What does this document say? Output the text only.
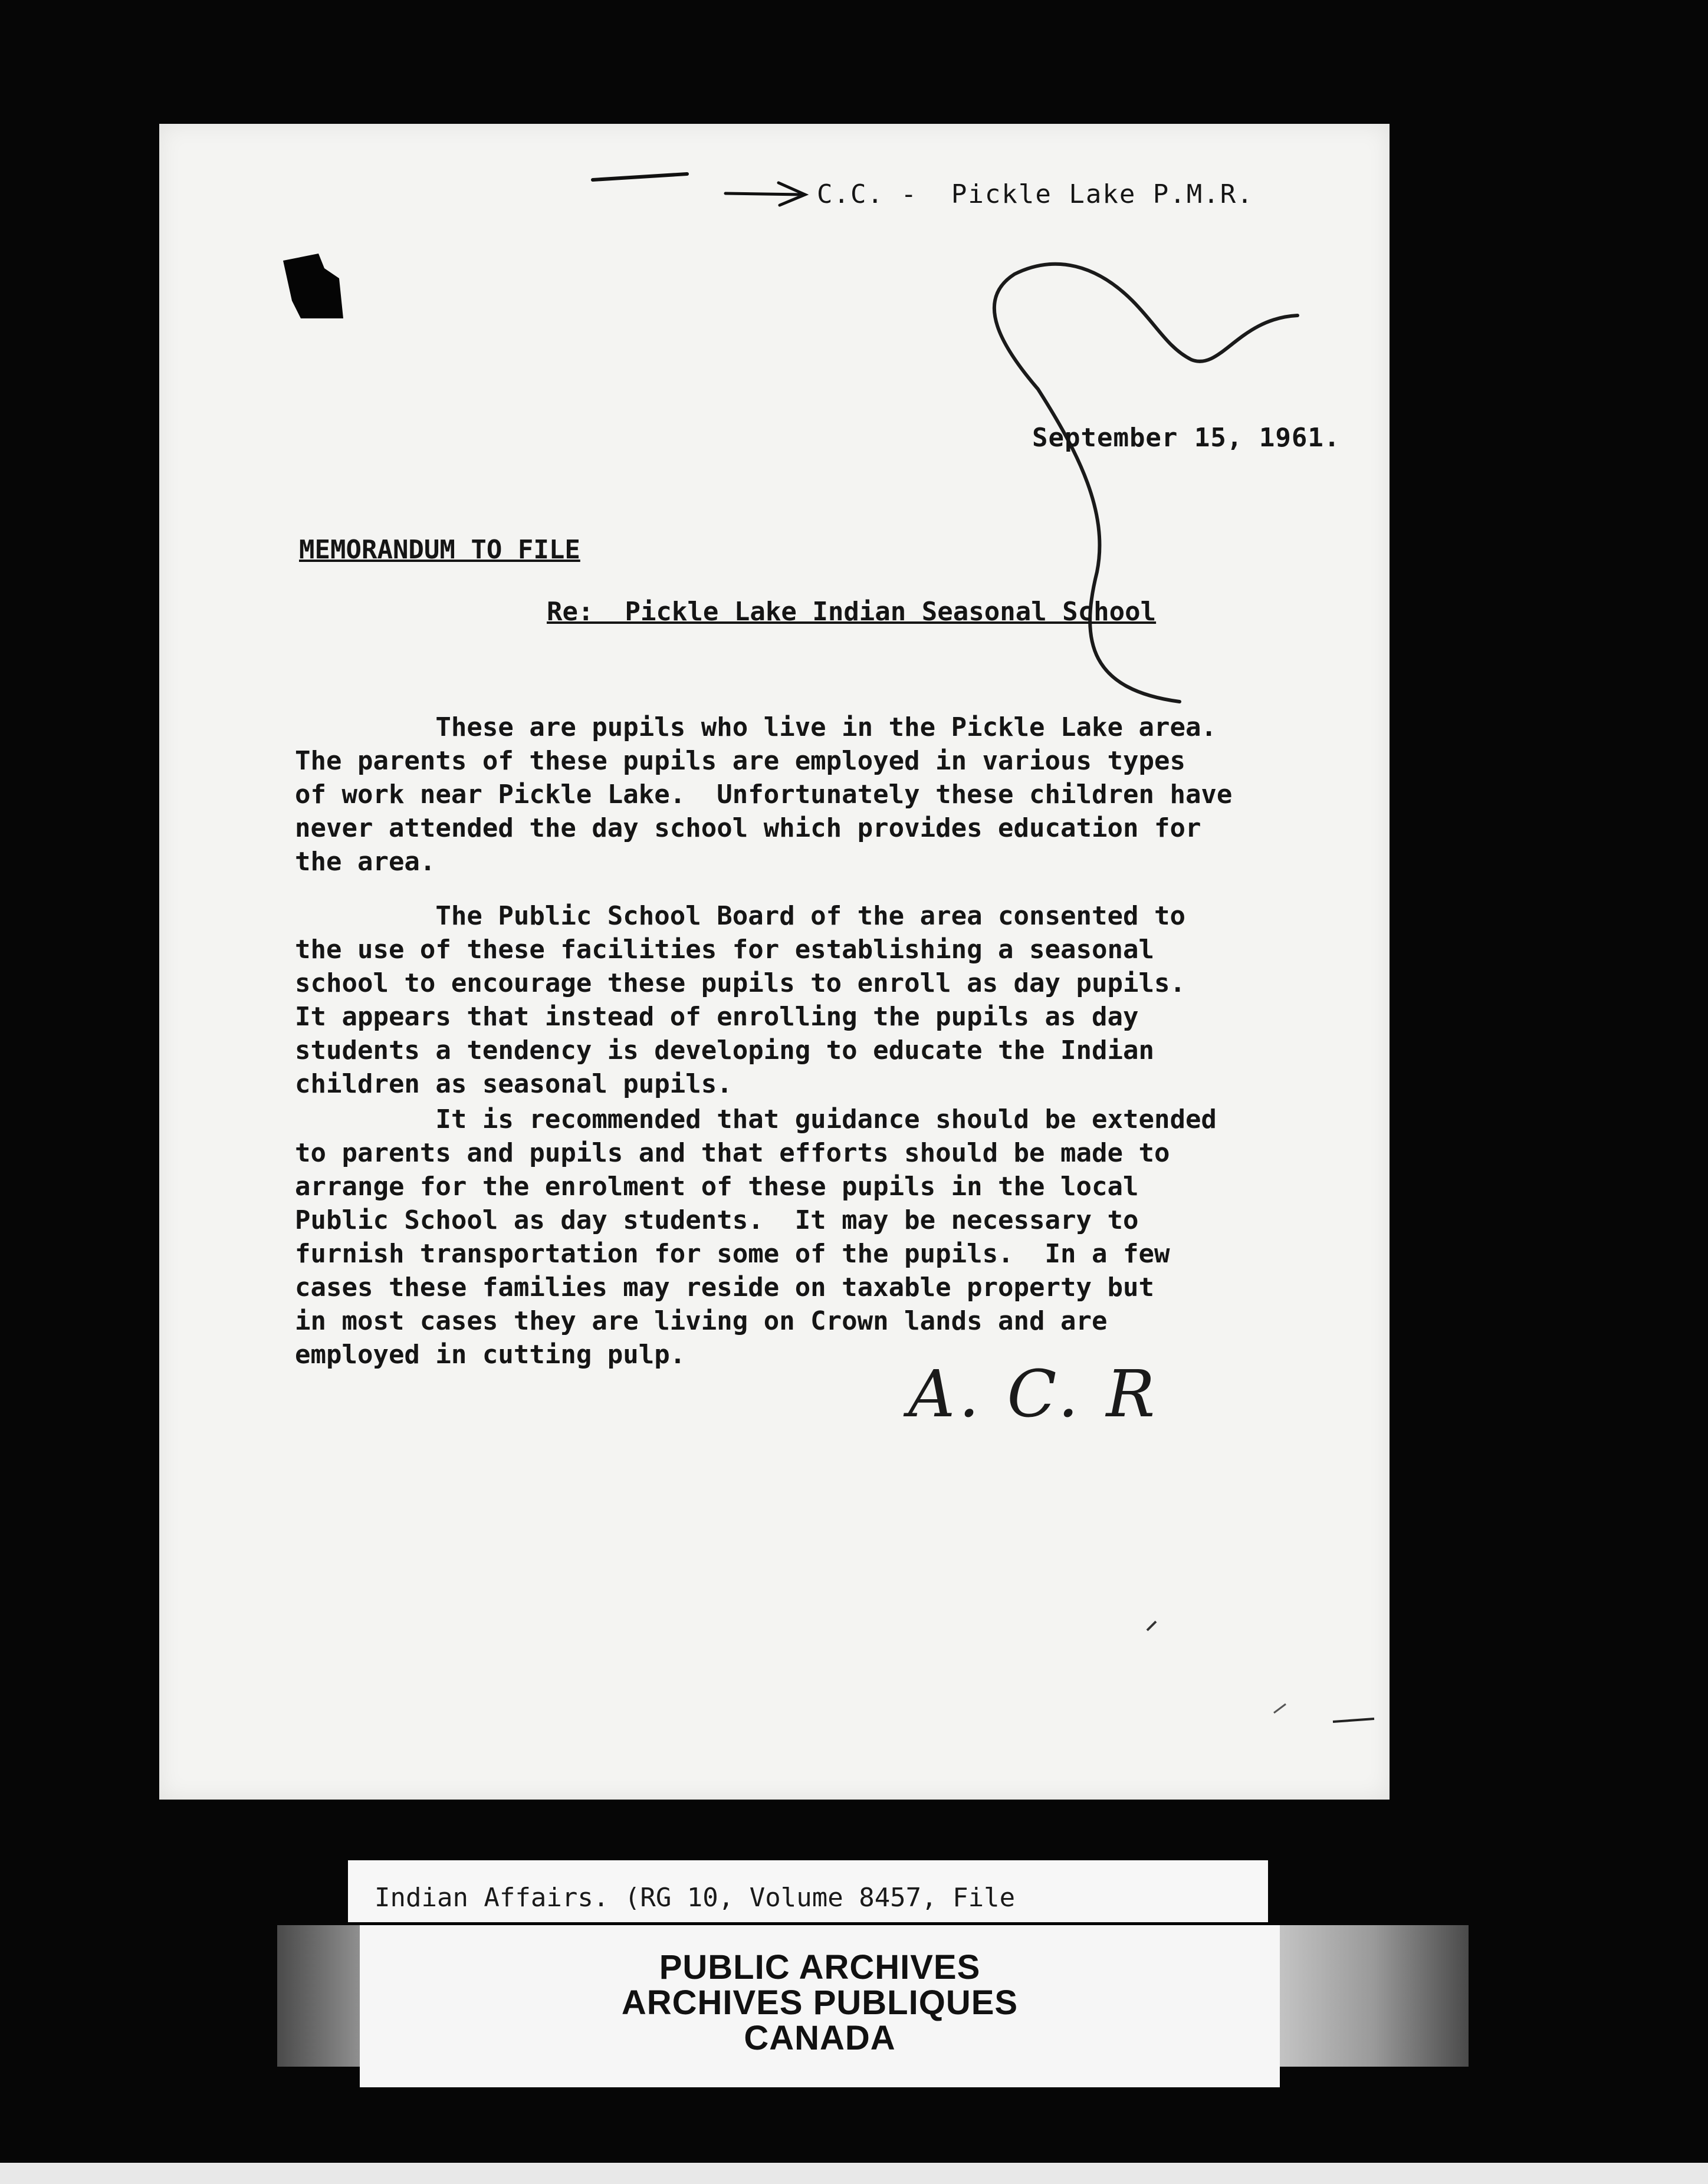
C.C. -  Pickle Lake P.M.R.
September 15, 1961.
MEMORANDUM TO FILE
Re:  Pickle Lake Indian Seasonal School
These are pupils who live in the Pickle Lake area.
The parents of these pupils are employed in various types
of work near Pickle Lake.  Unfortunately these children have
never attended the day school which provides education for
the area.
The Public School Board of the area consented to
the use of these facilities for establishing a seasonal
school to encourage these pupils to enroll as day pupils.
It appears that instead of enrolling the pupils as day
students a tendency is developing to educate the Indian
children as seasonal pupils.
It is recommended that guidance should be extended
to parents and pupils and that efforts should be made to
arrange for the enrolment of these pupils in the local
Public School as day students.  It may be necessary to
furnish transportation for some of the pupils.  In a few
cases these families may reside on taxable property but
in most cases they are living on Crown lands and are
employed in cutting pulp.
A. C. R
Indian Affairs. (RG 10, Volume 8457, File
PUBLIC ARCHIVES
ARCHIVES PUBLIQUES
CANADA
